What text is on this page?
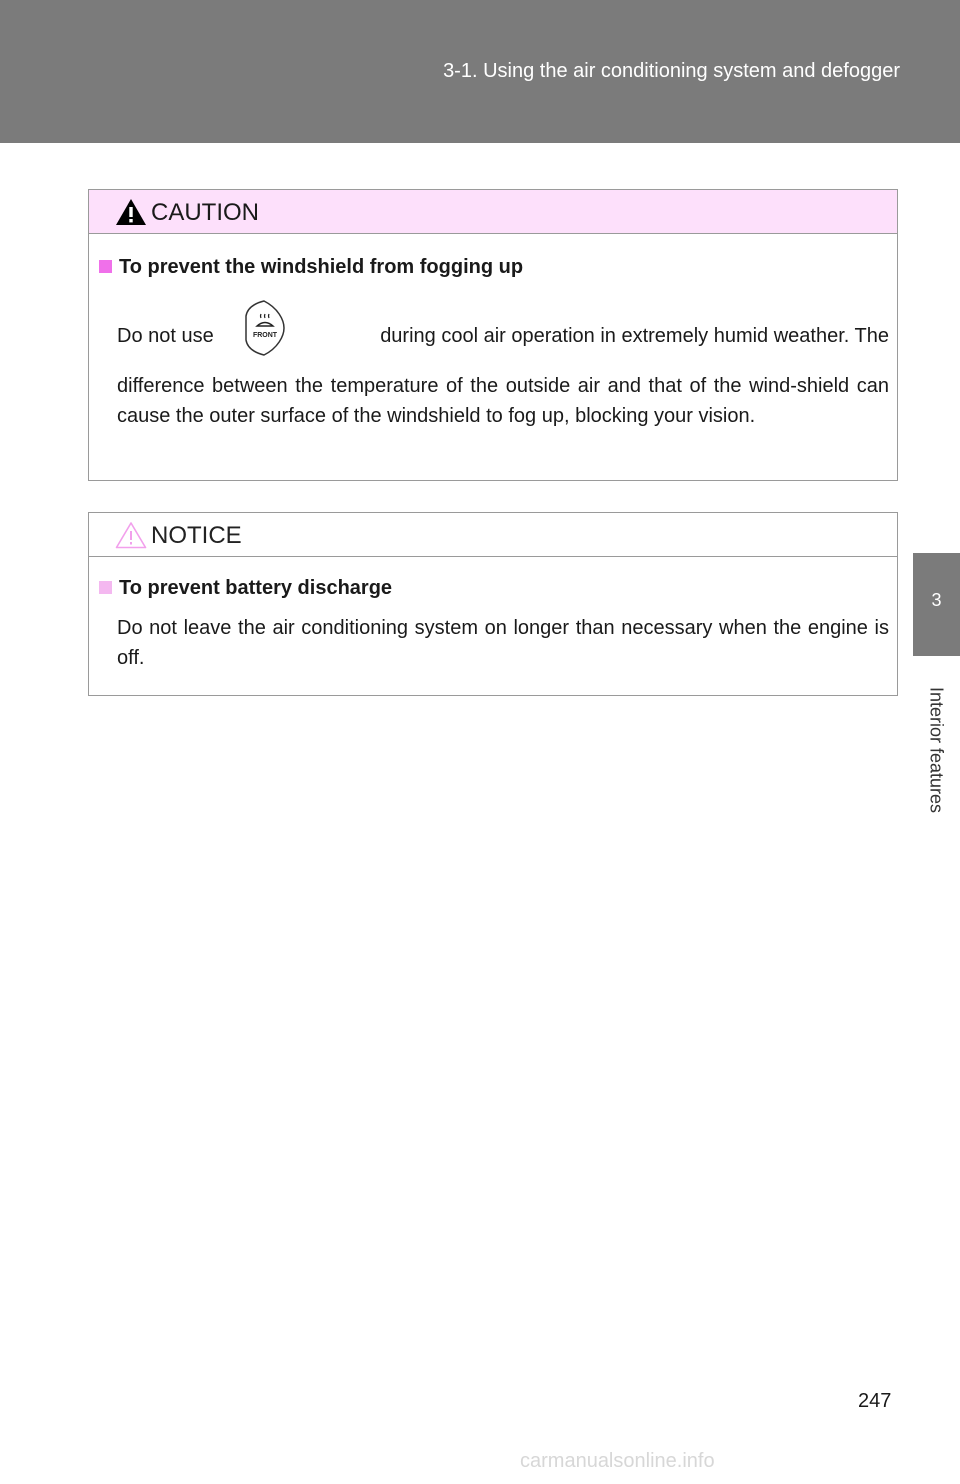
3-1. Using the air conditioning system and defogger
3
Interior features
CAUTION
To prevent the windshield from fogging up
Do not use	FRONT	during cool air operation in extremely humid weather. The
difference between the temperature of the outside air and that of the wind-shield can cause the outer surface of the windshield to fog up, blocking your vision.
NOTICE
To prevent battery discharge
Do not leave the air conditioning system on longer than necessary when the engine is off.
247
carmanualsonline.info
